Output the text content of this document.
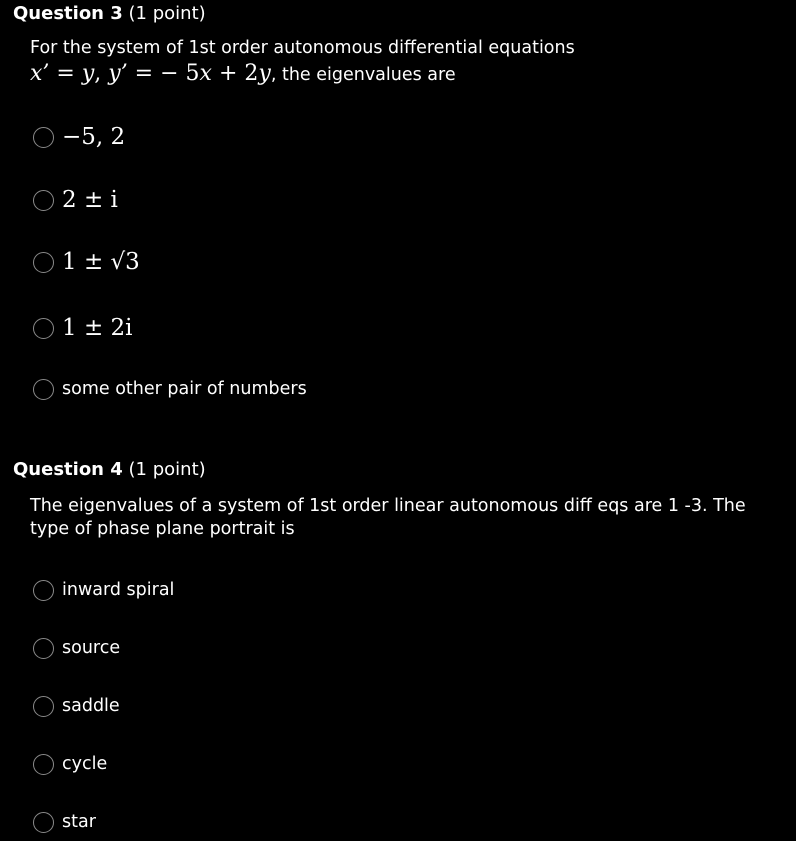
Question 3 (1 point)
For the system of 1st order autonomous differential equations
x’ = y, y’ = − 5x + 2y, the eigenvalues are
−5, 2
2 ± i
1 ± √3
1 ± 2i
some other pair of numbers
Question 4 (1 point)
The eigenvalues of a system of 1st order linear autonomous diff eqs are 1 -3. The type of phase plane portrait is
inward spiral
source
saddle
cycle
star
